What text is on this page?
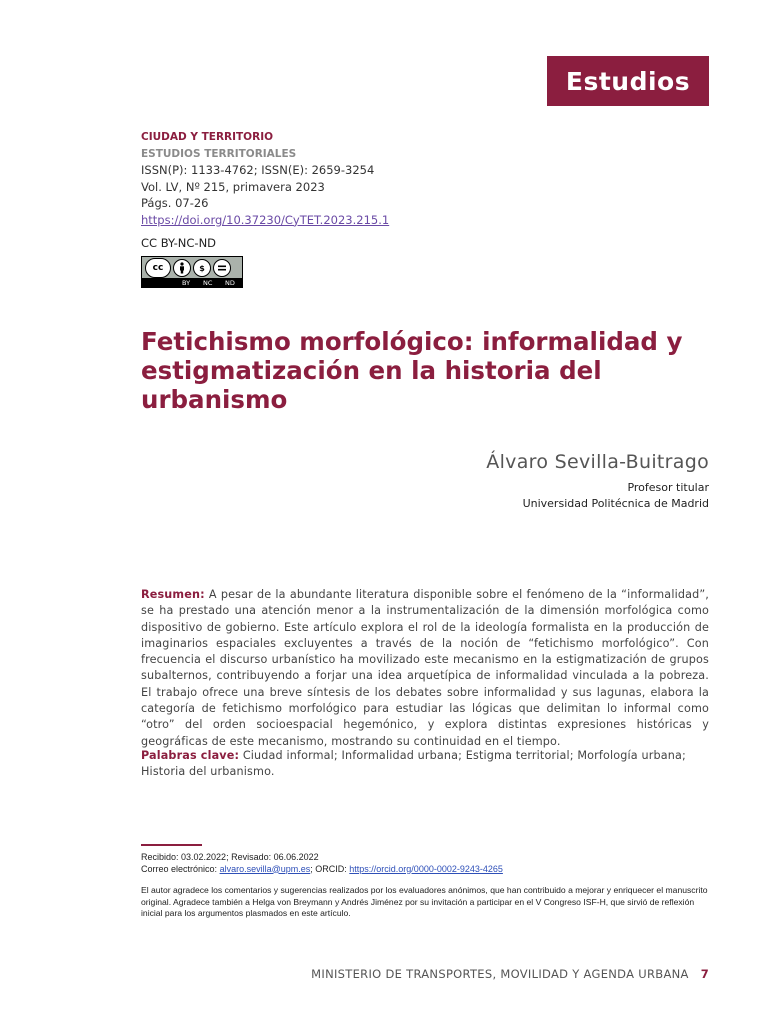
Estudios
CIUDAD Y TERRITORIO
ESTUDIOS TERRITORIALES
ISSN(P): 1133-4762; ISSN(E): 2659-3254
Vol. LV, Nº 215, primavera 2023
Págs. 07-26
https://doi.org/10.37230/CyTET.2023.215.1
CC BY-NC-ND
cc	$
BY NC ND
Fetichismo morfológico: informalidad y estigmatización en la historia del urbanismo
Álvaro Sevilla-Buitrago
Profesor titular
Universidad Politécnica de Madrid

Resumen: A pesar de la abundante literatura disponible sobre el fenómeno de la “informalidad”, se ha prestado una atención menor a la instrumentalización de la dimensión morfológica como dispositivo de gobierno. Este artículo explora el rol de la ideología formalista en la producción de imaginarios espaciales excluyentes a través de la noción de “fetichismo morfológico”. Con frecuencia el discurso urbanístico ha movilizado este mecanismo en la estigmatización de grupos subalternos, contribuyendo a forjar una idea arquetípica de informalidad vinculada a la pobreza. El trabajo ofrece una breve síntesis de los debates sobre informalidad y sus lagunas, elabora la categoría de fetichismo morfológico para estudiar las lógicas que delimitan lo informal como “otro” del orden socioespacial hegemónico, y explora distintas expresiones históricas y geográficas de este mecanismo, mostrando su continuidad en el tiempo.

Palabras clave: Ciudad informal; Informalidad urbana; Estigma territorial; Morfología urbana; Historia del urbanismo.

Recibido: 03.02.2022; Revisado: 06.06.2022
Correo electrónico: alvaro.sevilla@upm.es; ORCID: https://orcid.org/0000-0002-9243-4265

El autor agradece los comentarios y sugerencias realizados por los evaluadores anónimos, que han contribuido a mejorar y enriquecer el manuscrito original. Agradece también a Helga von Breymann y Andrés Jiménez por su invitación a participar en el V Congreso ISF-H, que sirvió de reflexión inicial para los argumentos plasmados en este artículo.

MINISTERIO DE TRANSPORTES, MOVILIDAD Y AGENDA URBANA 7
